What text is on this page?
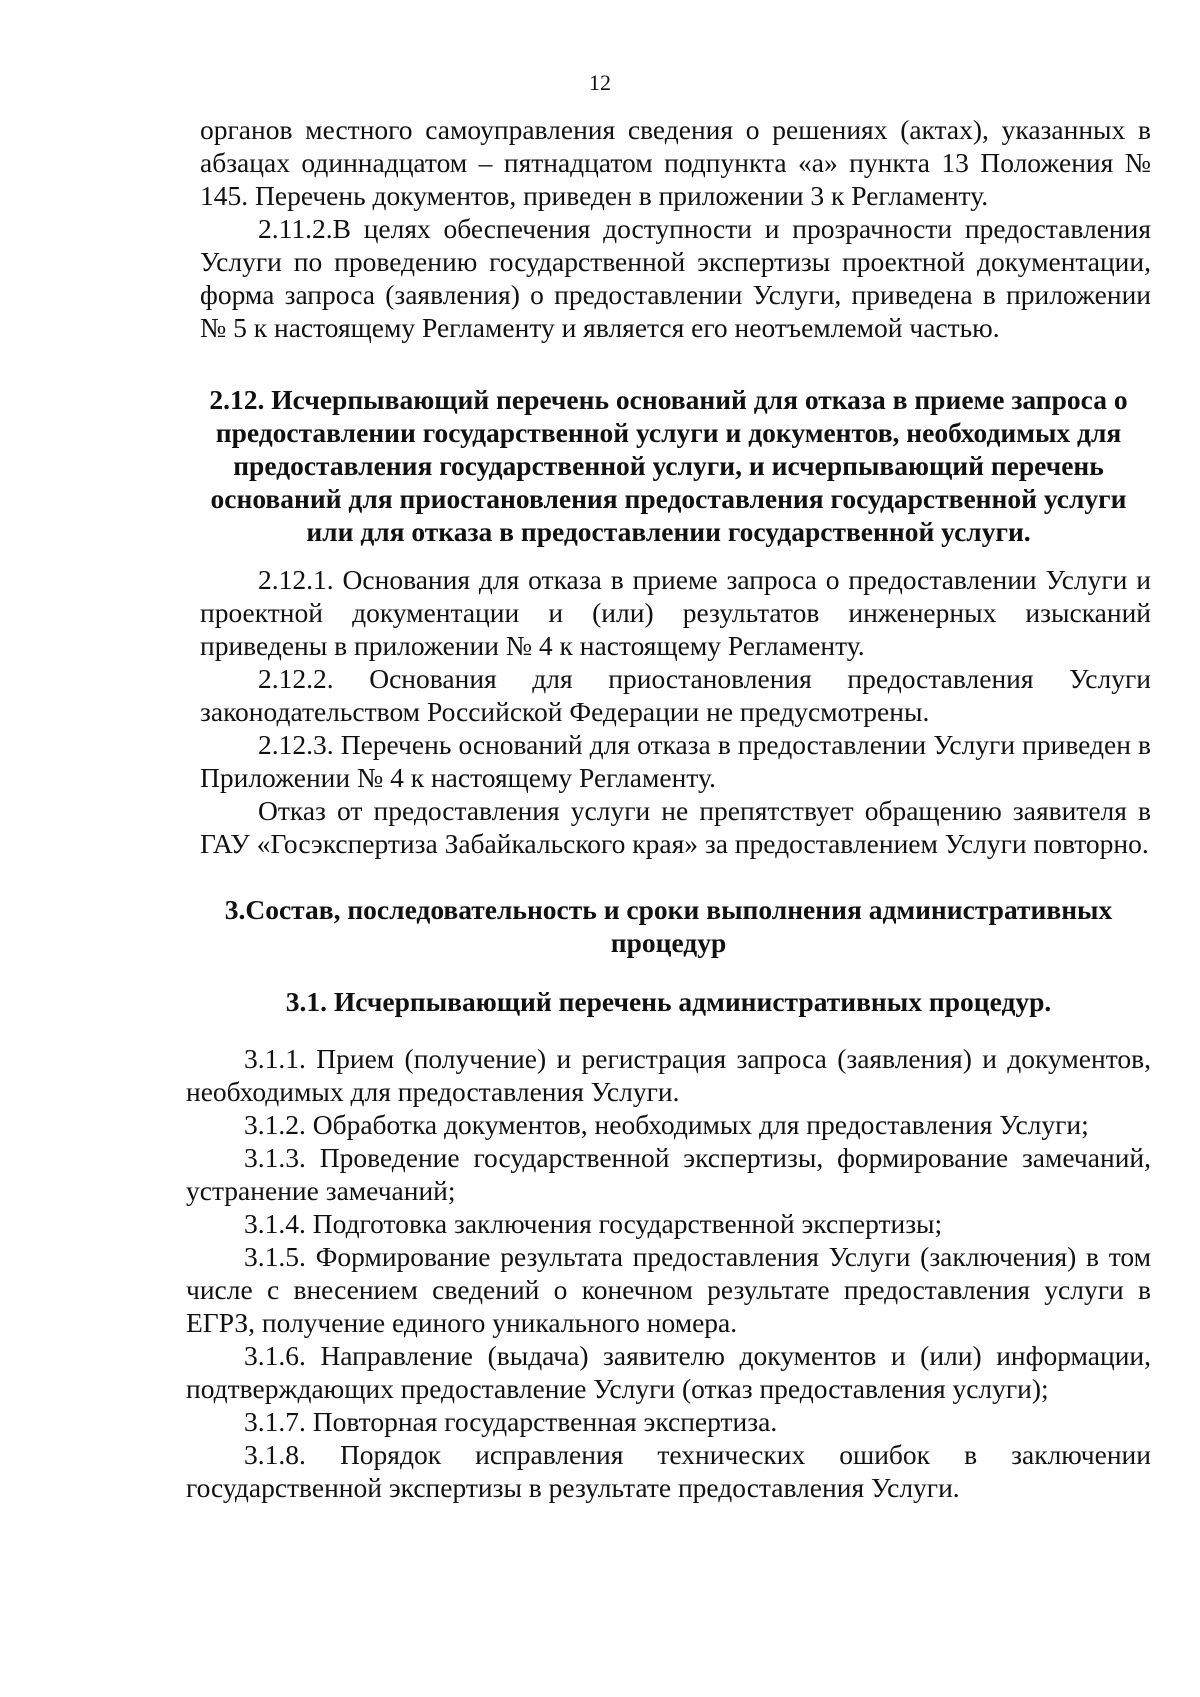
12

органов местного самоуправления сведения о решениях (актах), указанных в абзацах одиннадцатом – пятнадцатом подпункта «а» пункта 13 Положения № 145. Перечень документов, приведен в приложении 3 к Регламенту.

2.11.2.В целях обеспечения доступности и прозрачности предоставления Услуги по проведению государственной экспертизы проектной документации, форма запроса (заявления) о предоставлении Услуги, приведена в приложении № 5 к настоящему Регламенту и является его неотъемлемой частью.

2.12. Исчерпывающий перечень оснований для отказа в приеме запроса о предоставлении государственной услуги и документов, необходимых для предоставления государственной услуги, и исчерпывающий перечень оснований для приостановления предоставления государственной услуги или для отказа в предоставлении государственной услуги.

2.12.1. Основания для отказа в приеме запроса о предоставлении Услуги и проектной документации и (или) результатов инженерных изысканий приведены в приложении № 4 к настоящему Регламенту.

2.12.2. Основания для приостановления предоставления Услуги законодательством Российской Федерации не предусмотрены.

2.12.3. Перечень оснований для отказа в предоставлении Услуги приведен в Приложении № 4 к настоящему Регламенту.

Отказ от предоставления услуги не препятствует обращению заявителя в ГАУ «Госэкспертиза Забайкальского края» за предоставлением Услуги повторно.

3.Состав, последовательность и сроки выполнения административных процедур

3.1. Исчерпывающий перечень административных процедур.

3.1.1. Прием (получение) и регистрация запроса (заявления) и документов, необходимых для предоставления Услуги.

3.1.2. Обработка документов, необходимых для предоставления Услуги;

3.1.3. Проведение государственной экспертизы, формирование замечаний, устранение замечаний;

3.1.4. Подготовка заключения государственной экспертизы;

3.1.5. Формирование результата предоставления Услуги (заключения) в том числе с внесением сведений о конечном результате предоставления услуги в ЕГРЗ, получение единого уникального номера.

3.1.6. Направление (выдача) заявителю документов и (или) информации, подтверждающих предоставление Услуги (отказ предоставления услуги);

3.1.7. Повторная государственная экспертиза.

3.1.8. Порядок исправления технических ошибок в заключении государственной экспертизы в результате предоставления Услуги.
